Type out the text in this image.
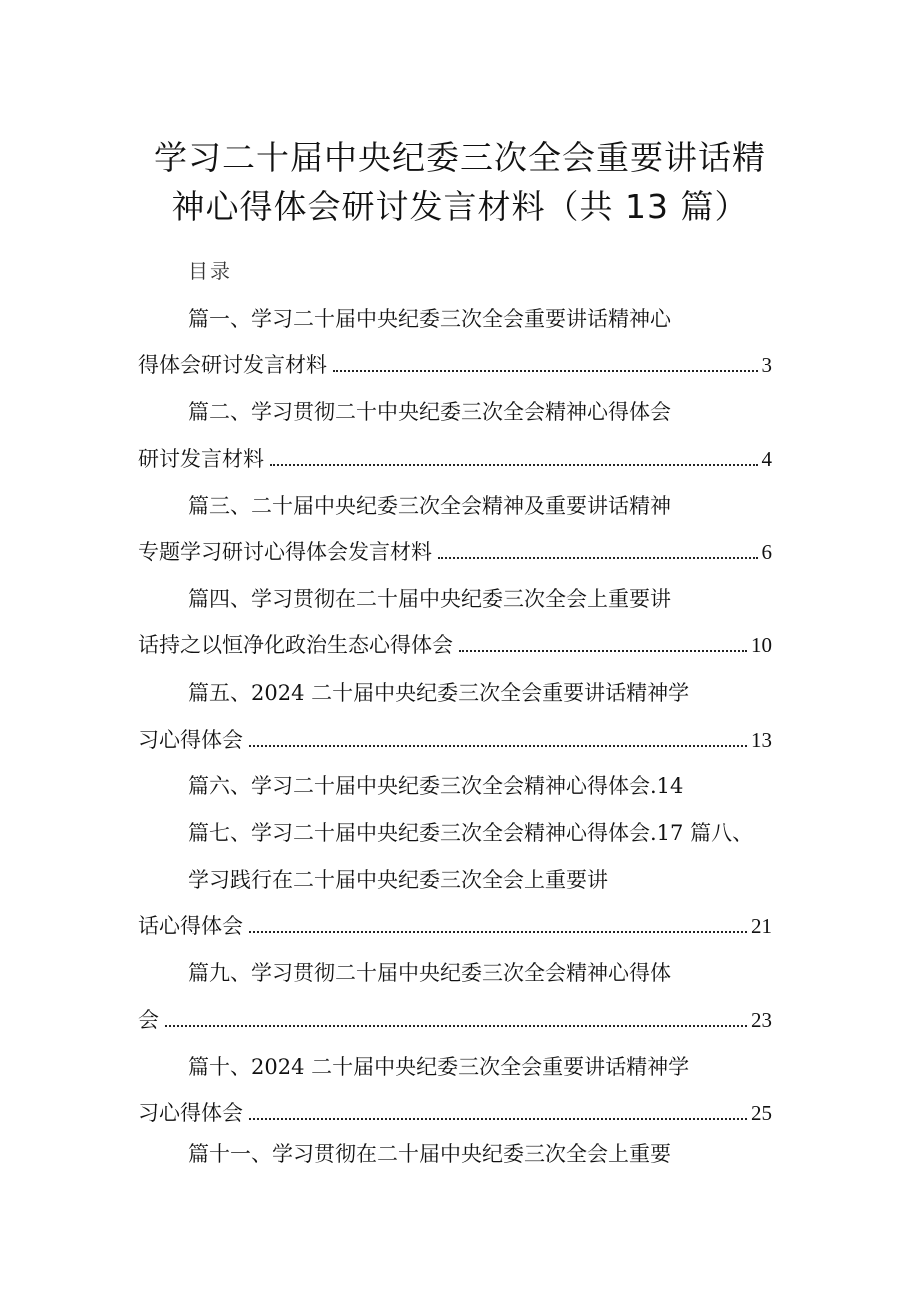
学习二十届中央纪委三次全会重要讲话精
神心得体会研讨发言材料（共 13 篇）
目录
篇一、学习二十届中央纪委三次全会重要讲话精神心
得体会研讨发言材料	3
篇二、学习贯彻二十中央纪委三次全会精神心得体会
研讨发言材料	4
篇三、二十届中央纪委三次全会精神及重要讲话精神
专题学习研讨心得体会发言材料	6
篇四、学习贯彻在二十届中央纪委三次全会上重要讲
话持之以恒净化政治生态心得体会	10
篇五、2024 二十届中央纪委三次全会重要讲话精神学
习心得体会	13
篇六、学习二十届中央纪委三次全会精神心得体会.14
篇七、学习二十届中央纪委三次全会精神心得体会.17 篇八、
学习践行在二十届中央纪委三次全会上重要讲
话心得体会	21
篇九、学习贯彻二十届中央纪委三次全会精神心得体
会	23
篇十、2024 二十届中央纪委三次全会重要讲话精神学
习心得体会	25
篇十一、学习贯彻在二十届中央纪委三次全会上重要
